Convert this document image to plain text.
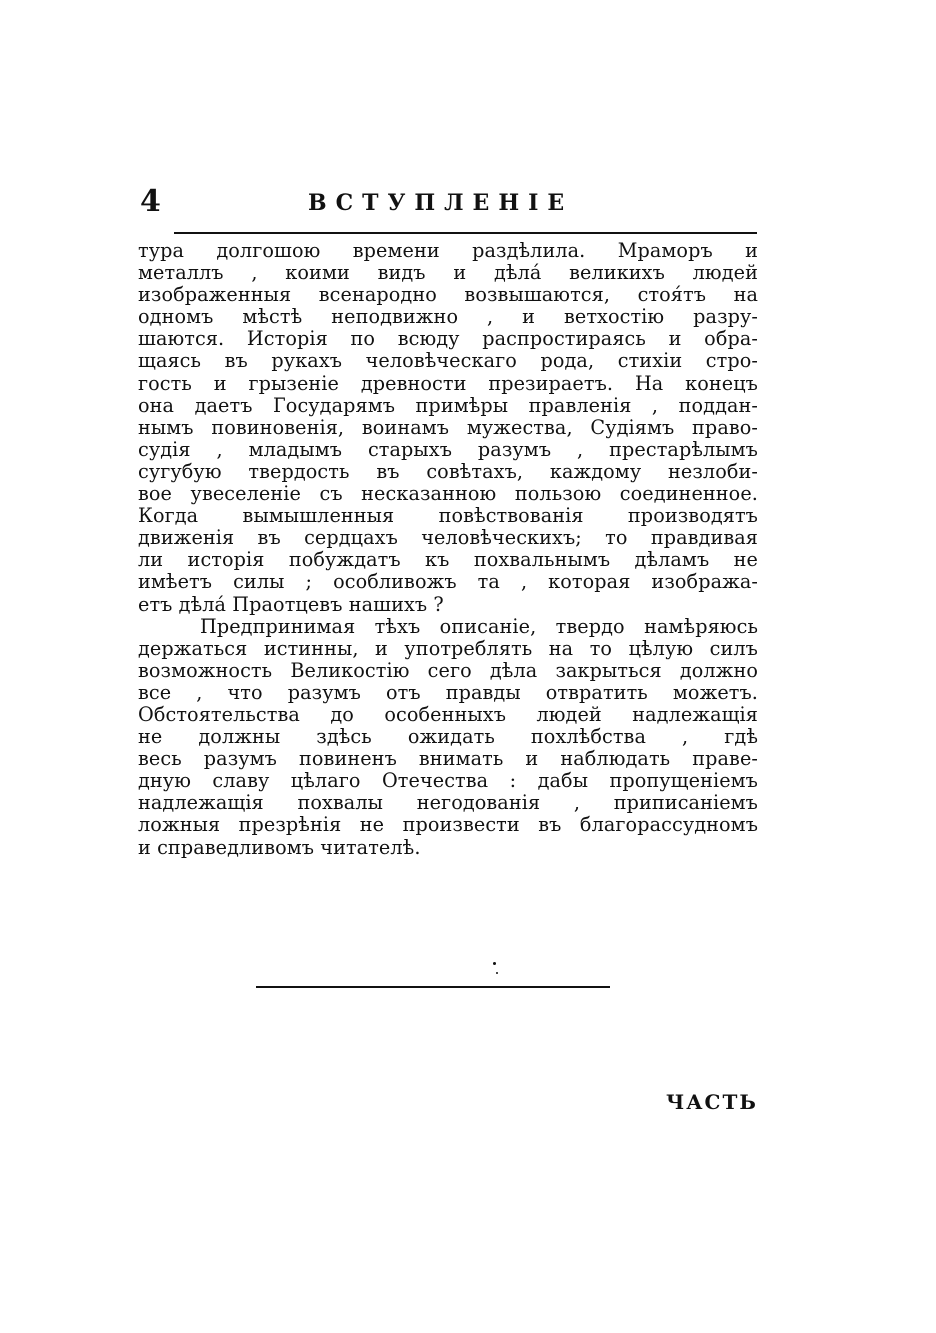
4	ВСТУПЛЕНІЕ

тура долгошою времени раздѣлила. Мраморъ и
металлъ , коими видъ и дѣла́ великихъ людей
изображенныя всенародно возвышаются, стоя́тъ на
одномъ мѣстѣ неподвижно , и ветхостію разру-
шаются. Исторія по всюду распростираясь и обра-
щаясь въ рукахъ человѣческаго рода, стихіи стро-
гость и грызеніе древности презираетъ. На конецъ
она даетъ Государямъ примѣры правленія , поддан-
нымъ повиновенія, воинамъ мужества, Судіямъ право-
судія , младымъ старыхъ разумъ , престарѣлымъ
сугубую твердость въ совѣтахъ, каждому незлоби-
вое увеселеніе съ несказанною пользою соединенное.
Когда вымышленныя повѣствованія производятъ
движенія въ сердцахъ человѣческихъ; то правдивая
ли исторія побуждатъ къ похвальнымъ дѣламъ не
имѣетъ силы ; особливожъ та , которая изобража-
етъ дѣла́ Праотцевъ нашихъ ?

Предпринимая тѣхъ описаніе, твердо намѣряюсь
держаться истинны, и употреблять на то цѣлую силъ
возможность Великостію сего дѣла закрыться должно
все , что разумъ отъ правды отвратить можетъ.
Обстоятельства до особенныхъ людей надлежащія
не должны здѣсь ожидать похлѣбства , гдѣ
весь разумъ повиненъ внимать и наблюдать праве-
дную славу цѣлаго Отечества : дабы пропущеніемъ
надлежащія похвалы негодованія , приписаніемъ
ложныя презрѣнія не произвести въ благорассудномъ
и справедливомъ читателѣ.

ЧАСТЬ
